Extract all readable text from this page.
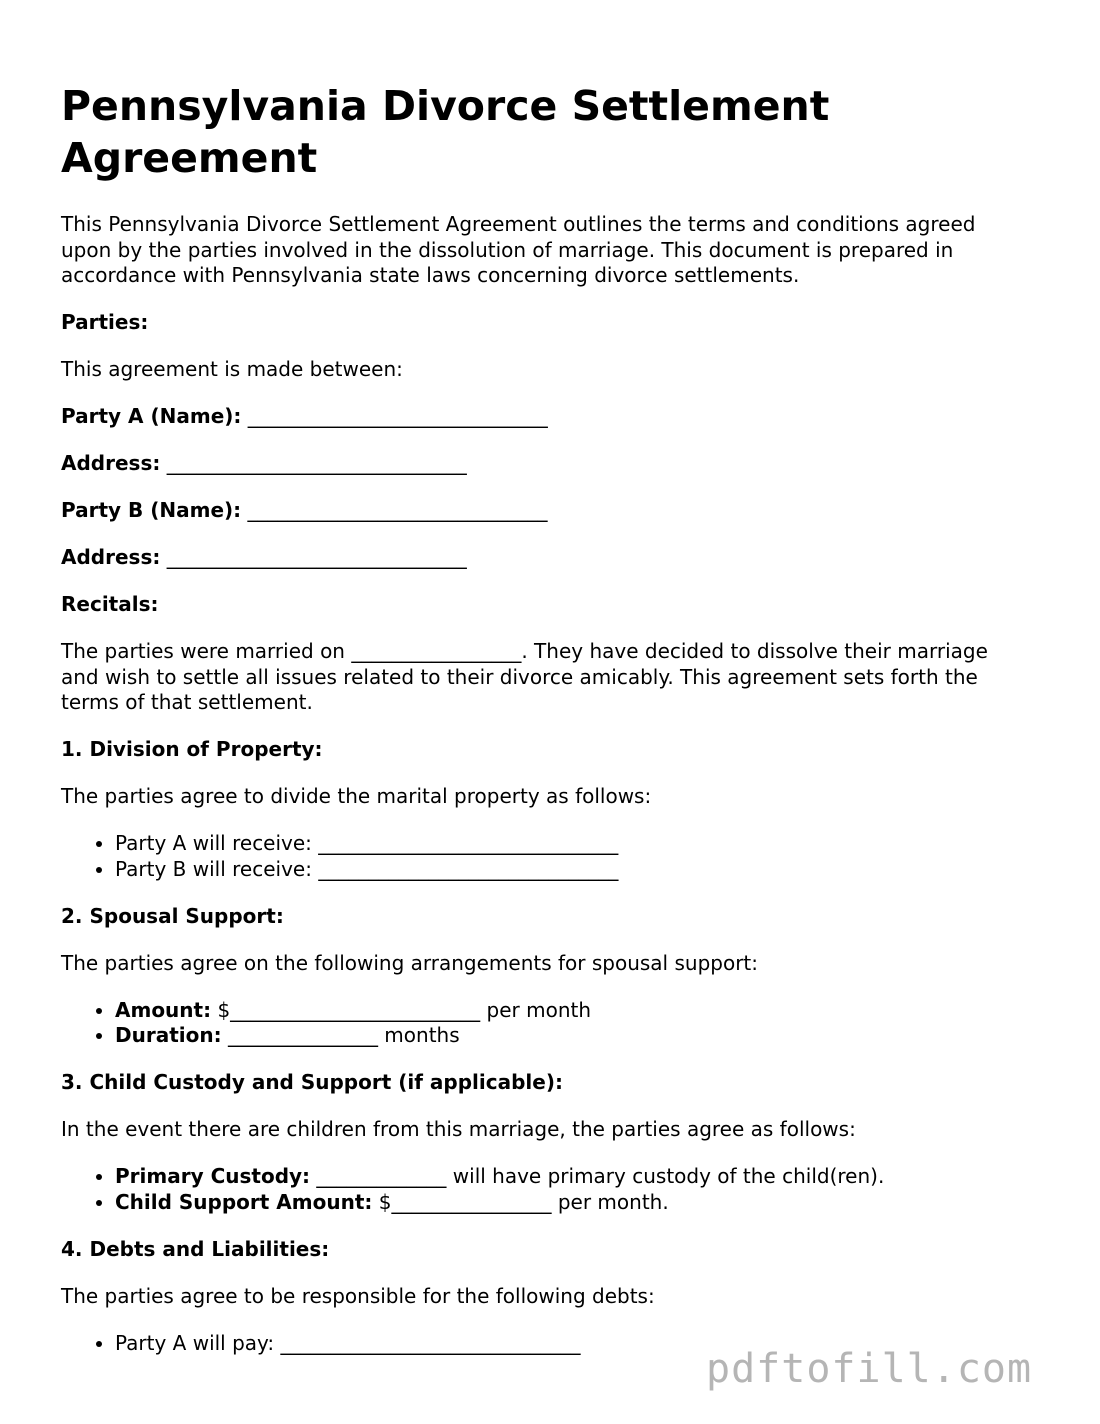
Pennsylvania Divorce Settlement Agreement

This Pennsylvania Divorce Settlement Agreement outlines the terms and conditions agreed upon by the parties involved in the dissolution of marriage. This document is prepared in accordance with Pennsylvania state laws concerning divorce settlements.

Parties:

This agreement is made between:

Party A (Name): ______________________________

Address: ______________________________

Party B (Name): ______________________________

Address: ______________________________

Recitals:

The parties were married on _________________. They have decided to dissolve their marriage and wish to settle all issues related to their divorce amicably. This agreement sets forth the terms of that settlement.

1. Division of Property:

The parties agree to divide the marital property as follows:

• Party A will receive: ______________________________
• Party B will receive: ______________________________

2. Spousal Support:

The parties agree on the following arrangements for spousal support:

• Amount: $_________________________ per month
• Duration: _______________ months

3. Child Custody and Support (if applicable):

In the event there are children from this marriage, the parties agree as follows:

• Primary Custody: _____________ will have primary custody of the child(ren).
• Child Support Amount: $________________ per month.

4. Debts and Liabilities:

The parties agree to be responsible for the following debts:

• Party A will pay: ______________________________
pdftofill.com
